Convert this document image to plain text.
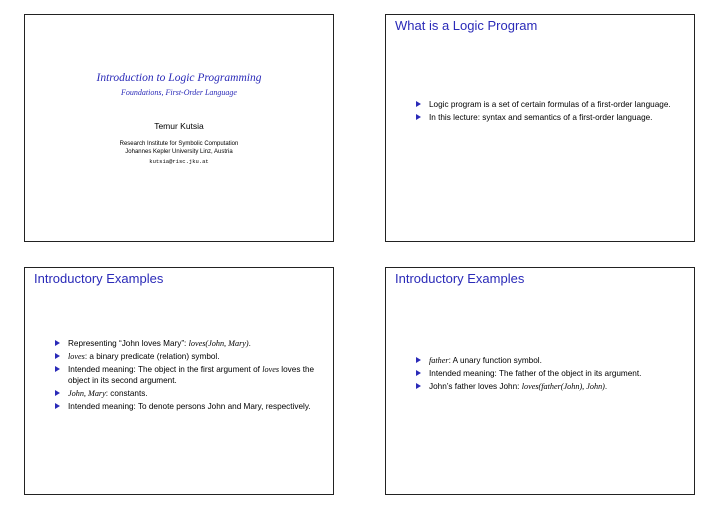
Introduction to Logic Programming
Foundations, First-Order Language
Temur Kutsia
Research Institute for Symbolic Computation
Johannes Kepler University Linz, Austria
kutsia@risc.jku.at
What is a Logic Program
Logic program is a set of certain formulas of a first-order language.
In this lecture: syntax and semantics of a first-order language.
Introductory Examples
Representing “John loves Mary”: loves(John, Mary).
loves: a binary predicate (relation) symbol.
Intended meaning: The object in the first argument of loves loves the object in its second argument.
John, Mary: constants.
Intended meaning: To denote persons John and Mary, respectively.
Introductory Examples
father: A unary function symbol.
Intended meaning: The father of the object in its argument.
John’s father loves John: loves(father(John), John).
